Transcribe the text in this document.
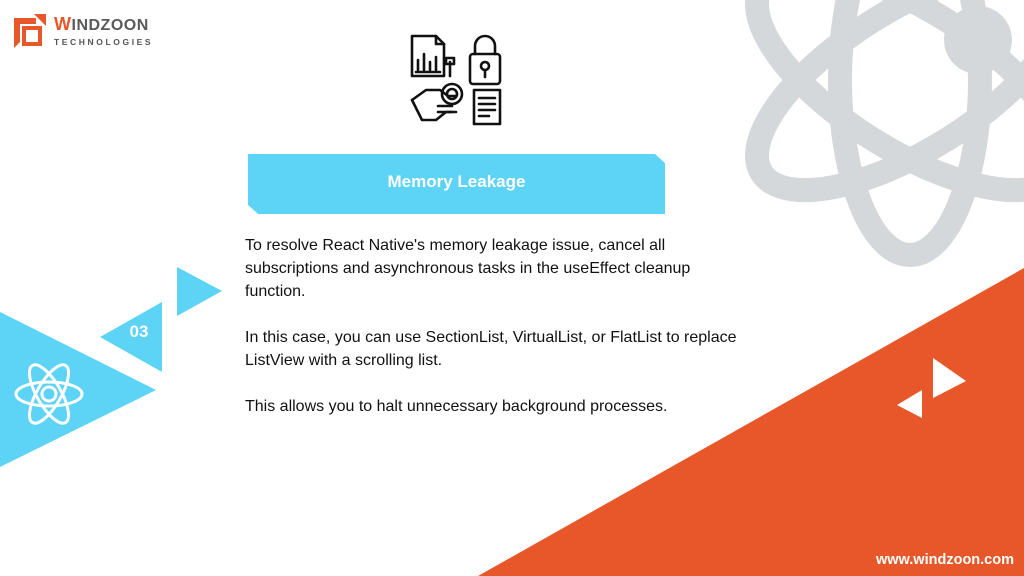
WINDZOON
TECHNOLOGIES
Memory Leakage
03

To resolve React Native's memory leakage issue, cancel all subscriptions and asynchronous tasks in the useEffect cleanup function.

In this case, you can use SectionList, VirtualList, or FlatList to replace ListView with a scrolling list.

This allows you to halt unnecessary background processes.

www.windzoon.com
